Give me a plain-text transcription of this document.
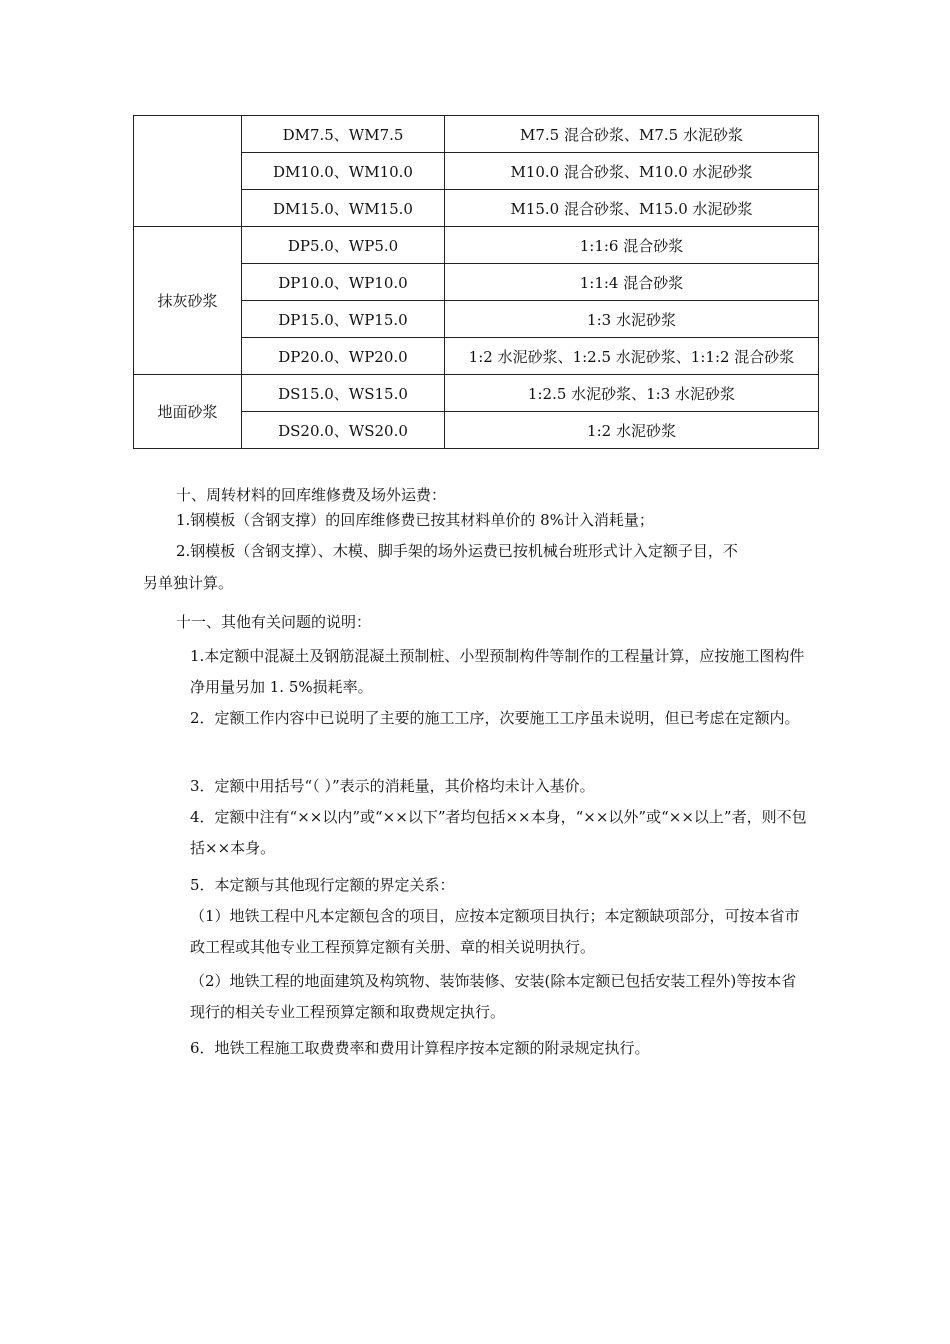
	DM7.5、WM7.5	M7.5 混合砂浆、M7.5 水泥砂浆
	DM10.0、WM10.0	M10.0 混合砂浆、M10.0 水泥砂浆
	DM15.0、WM15.0	M15.0 混合砂浆、M15.0 水泥砂浆
抹灰砂浆	DP5.0、WP5.0	1:1:6 混合砂浆
	DP10.0、WP10.0	1:1:4 混合砂浆
	DP15.0、WP15.0	1:3 水泥砂浆
	DP20.0、WP20.0	1:2 水泥砂浆、1:2.5 水泥砂浆、1:1:2 混合砂浆
地面砂浆	DS15.0、WS15.0	1:2.5 水泥砂浆、1:3 水泥砂浆
	DS20.0、WS20.0	1:2 水泥砂浆
十、周转材料的回库维修费及场外运费：
1.钢模板（含钢支撑）的回库维修费已按其材料单价的 8%计入消耗量；
2.钢模板（含钢支撑）、木模、脚手架的场外运费已按机械台班形式计入定额子目，不
另单独计算。
十一、其他有关问题的说明：
1.本定额中混凝土及钢筋混凝土预制桩、小型预制构件等制作的工程量计算，应按施工图构件净用量另加 1. 5%损耗率。
2．定额工作内容中已说明了主要的施工工序，次要施工工序虽未说明，但已考虑在定额内。
3．定额中用括号“（ ）”表示的消耗量，其价格均未计入基价。
4．定额中注有“××以内”或“××以下”者均包括××本身，“××以外”或“××以上”者，则不包括××本身。
5．本定额与其他现行定额的界定关系：
（1）地铁工程中凡本定额包含的项目，应按本定额项目执行；本定额缺项部分，可按本省市政工程或其他专业工程预算定额有关册、章的相关说明执行。
（2）地铁工程的地面建筑及构筑物、装饰装修、安装(除本定额已包括安装工程外)等按本省现行的相关专业工程预算定额和取费规定执行。
6．地铁工程施工取费费率和费用计算程序按本定额的附录规定执行。
